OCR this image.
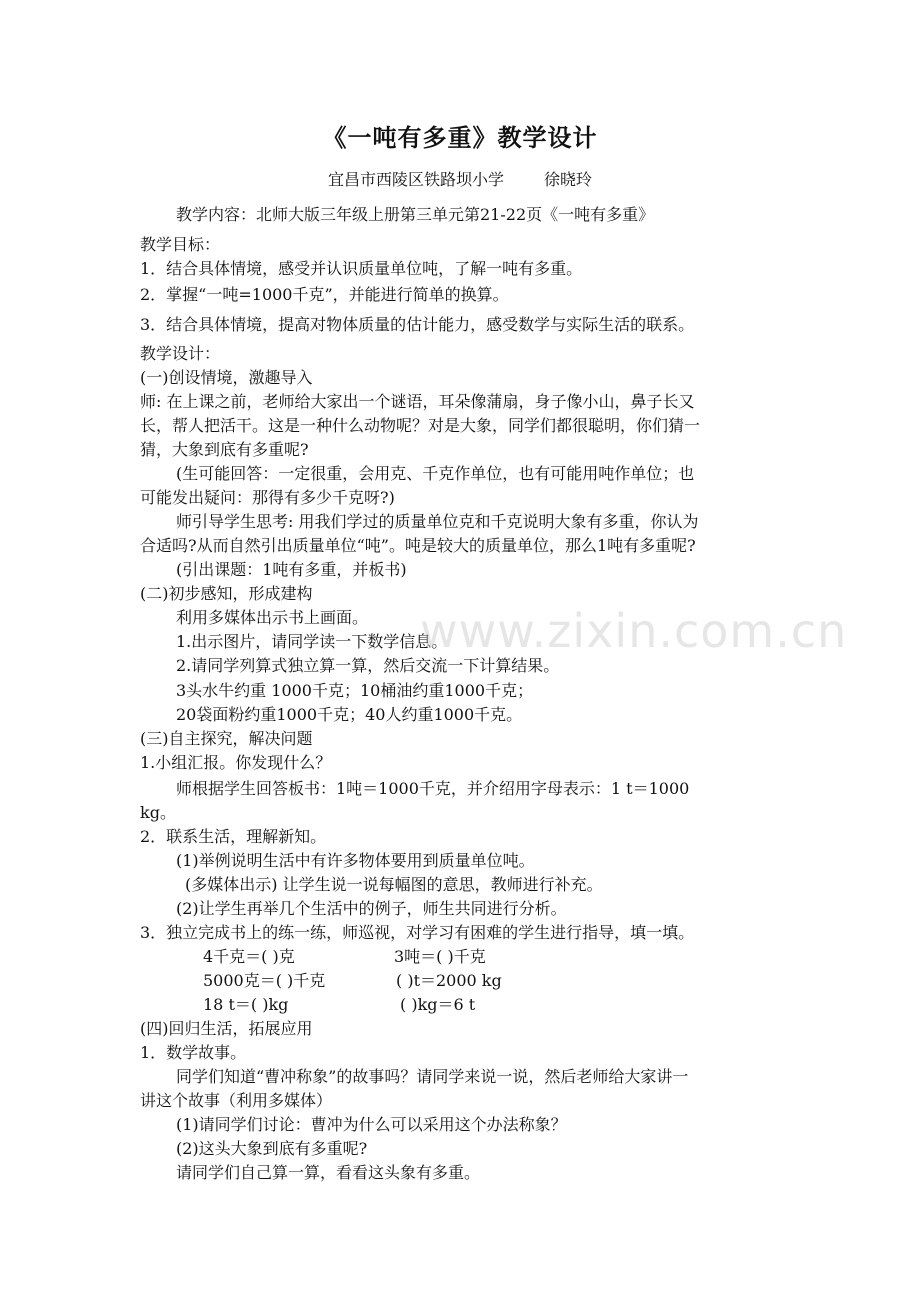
《一吨有多重》教学设计
宜昌市西陵区铁路坝小学	徐晓玲
教学内容：北师大版三年级上册第三单元第21-22页《一吨有多重》
教学目标：
1．结合具体情境，感受并认识质量单位吨，了解一吨有多重。
2．掌握“一吨=1000千克”，并能进行简单的换算。
3．结合具体情境，提高对物体质量的估计能力，感受数学与实际生活的联系。
教学设计：
(一)创设情境，激趣导入
师: 在上课之前，老师给大家出一个谜语，耳朵像蒲扇，身子像小山，鼻子长又
长，帮人把活干。这是一种什么动物呢？对是大象，同学们都很聪明，你们猜一
猜，大象到底有多重呢?
(生可能回答：一定很重，会用克、千克作单位，也有可能用吨作单位；也
可能发出疑问：那得有多少千克呀?)
师引导学生思考: 用我们学过的质量单位克和千克说明大象有多重，你认为
合适吗?从而自然引出质量单位“吨”。吨是较大的质量单位，那么1吨有多重呢?
(引出课题：1吨有多重，并板书)
(二)初步感知，形成建构
利用多媒体出示书上画面。
1.出示图片，请同学读一下数学信息。
2.请同学列算式独立算一算，然后交流一下计算结果。
3头水牛约重 1000千克；10桶油约重1000千克；
20袋面粉约重1000千克；40人约重1000千克。
(三)自主探究，解决问题
1.小组汇报。你发现什么？
师根据学生回答板书：1吨＝1000千克，并介绍用字母表示：1 t＝1000
kg。
2．联系生活，理解新知。
(1)举例说明生活中有许多物体要用到质量单位吨。
(多媒体出示) 让学生说一说每幅图的意思，教师进行补充。
(2)让学生再举几个生活中的例子，师生共同进行分析。
3．独立完成书上的练一练，师巡视，对学习有困难的学生进行指导，填一填。
4千克＝( )克	3吨＝( )千克
5000克＝( )千克	( )t＝2000 kg
18 t＝( )kg	( )kg＝6 t
(四)回归生活，拓展应用
1．数学故事。
同学们知道“曹冲称象”的故事吗？请同学来说一说，然后老师给大家讲一
讲这个故事（利用多媒体）
(1)请同学们讨论：曹冲为什么可以采用这个办法称象？
(2)这头大象到底有多重呢?
请同学们自己算一算，看看这头象有多重。
www.zixin.com.cn
